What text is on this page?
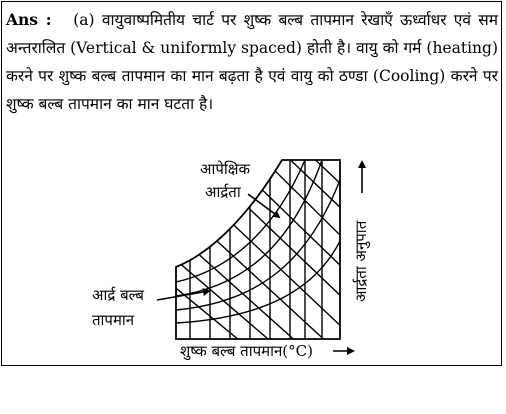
Ans : (a) वायुवाष्पमितीय चार्ट पर शुष्क बल्ब तापमान रेखाएँ ऊर्ध्वाधर एवं सम अन्तरालित (Vertical & uniformly spaced) होती है। वायु को गर्म (heating) करने पर शुष्क बल्ब तापमान का मान बढ़ता है एवं वायु को ठण्डा (Cooling) करने पर शुष्क बल्ब तापमान का मान घटता है।

आपेक्षिक
आर्द्रता
आर्द्र बल्ब
तापमान
आर्द्रता अनुपात
शुष्क बल्ब तापमान(°C)
